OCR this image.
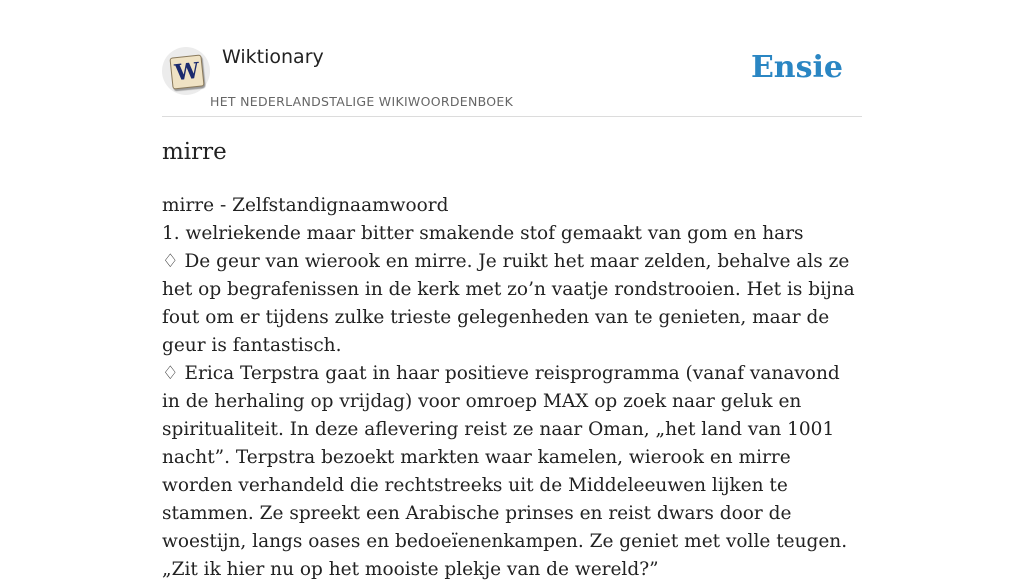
W
Wiktionary
HET NEDERLANDSTALIGE WIKIWOORDENBOEK
Ensie
mirre

mirre - Zelfstandignaamwoord

1. welriekende maar bitter smakende stof gemaakt van gom en hars

♢ De geur van wierook en mirre. Je ruikt het maar zelden, behalve als ze het op begrafenissen in de kerk met zo’n vaatje rondstrooien. Het is bijna fout om er tijdens zulke trieste gelegenheden van te genieten, maar de geur is fantastisch.

♢ Erica Terpstra gaat in haar positieve reisprogramma (vanaf vanavond in de herhaling op vrijdag) voor omroep MAX op zoek naar geluk en spiritualiteit. In deze aflevering reist ze naar Oman, „het land van 1001 nacht”. Terpstra bezoekt markten waar kamelen, wierook en mirre worden verhandeld die rechtstreeks uit de Middeleeuwen lijken te stammen. Ze spreekt een Arabische prinses en reist dwars door de woestijn, langs oases en bedoeïenenkampen. Ze geniet met volle teugen. „Zit ik hier nu op het mooiste plekje van de wereld?”
